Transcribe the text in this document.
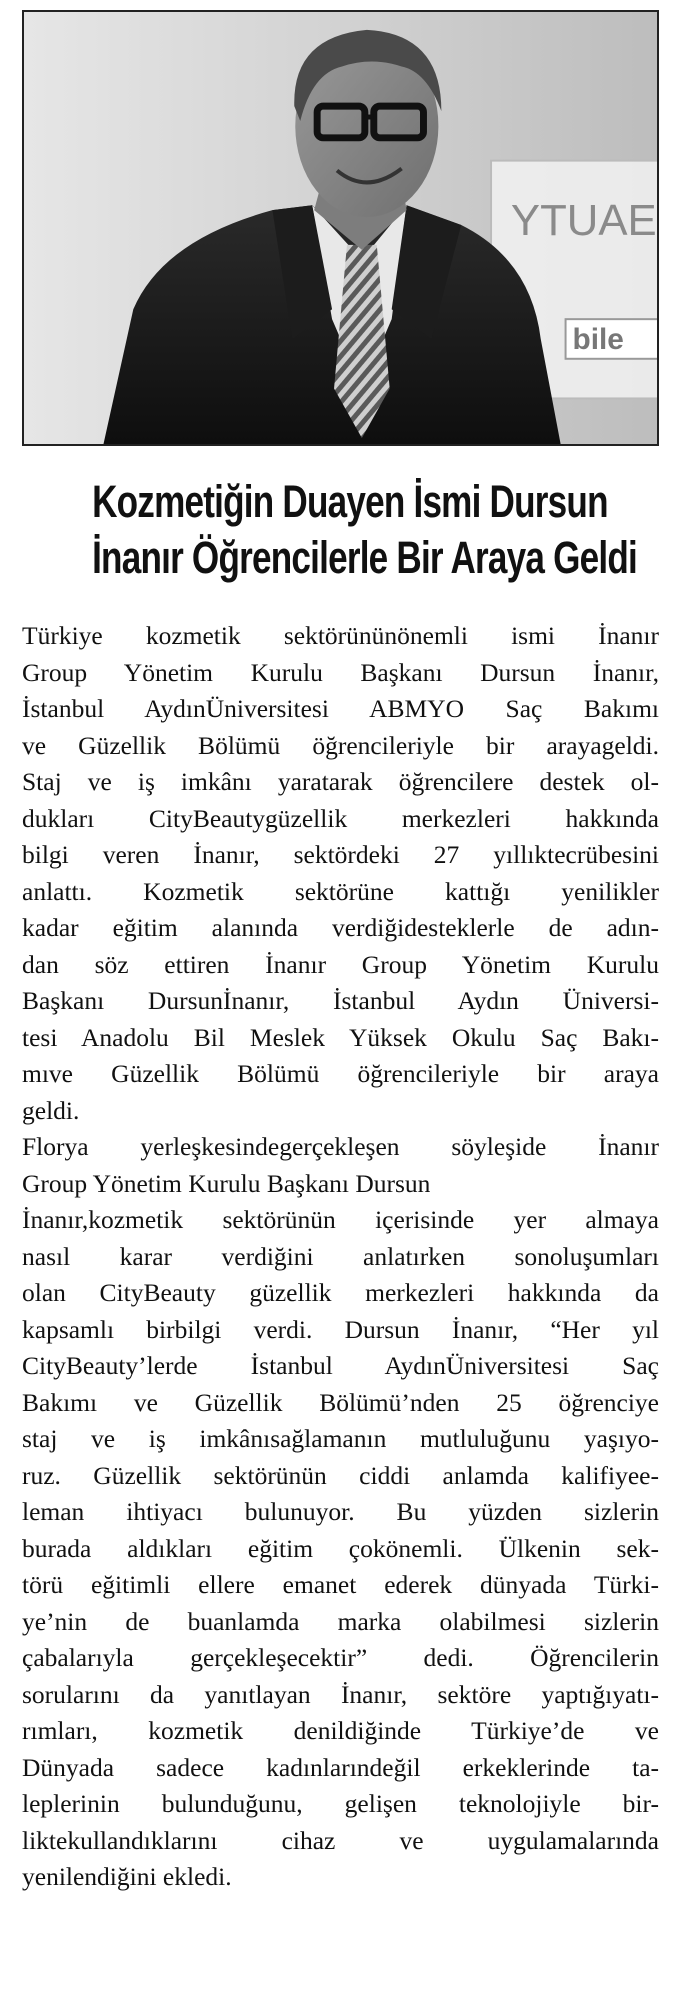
YTUAE
bile
Kozmetiğin Duayen İsmi Dursun
İnanır Öğrencilerle Bir Araya Geldi
Türkiye kozmetik sektörününönemli ismi İnanır
Group Yönetim Kurulu Başkanı Dursun İnanır,
İstanbul AydınÜniversitesi ABMYO Saç Bakımı
ve Güzellik Bölümü öğrencileriyle bir arayageldi.
Staj ve iş imkânı yaratarak öğrencilere destek ol-
dukları CityBeautygüzellik merkezleri hakkında
bilgi veren İnanır, sektördeki 27 yıllıktecrübesini
anlattı. Kozmetik sektörüne kattığı yenilikler
kadar eğitim alanında verdiğidesteklerle de adın-
dan söz ettiren İnanır Group Yönetim Kurulu
Başkanı Dursunİnanır, İstanbul Aydın Üniversi-
tesi Anadolu Bil Meslek Yüksek Okulu Saç Bakı-
mıve Güzellik Bölümü öğrencileriyle bir araya
geldi.
Florya yerleşkesindegerçekleşen söyleşide İnanır
Group Yönetim Kurulu Başkanı Dursun
İnanır,kozmetik sektörünün içerisinde yer almaya
nasıl karar verdiğini anlatırken sonoluşumları
olan CityBeauty güzellik merkezleri hakkında da
kapsamlı birbilgi verdi. Dursun İnanır, “Her yıl
CityBeauty’lerde İstanbul AydınÜniversitesi Saç
Bakımı ve Güzellik Bölümü’nden 25 öğrenciye
staj ve iş imkânısağlamanın mutluluğunu yaşıyo-
ruz. Güzellik sektörünün ciddi anlamda kalifiyee-
leman ihtiyacı bulunuyor. Bu yüzden sizlerin
burada aldıkları eğitim çokönemli. Ülkenin sek-
törü eğitimli ellere emanet ederek dünyada Türki-
ye’nin de buanlamda marka olabilmesi sizlerin
çabalarıyla gerçekleşecektir” dedi. Öğrencilerin
sorularını da yanıtlayan İnanır, sektöre yaptığıyatı-
rımları, kozmetik denildiğinde Türkiye’de ve
Dünyada sadece kadınlarındeğil erkeklerinde ta-
leplerinin bulunduğunu, gelişen teknolojiyle bir-
liktekullandıklarını cihaz ve uygulamalarında
yenilendiğini ekledi.
